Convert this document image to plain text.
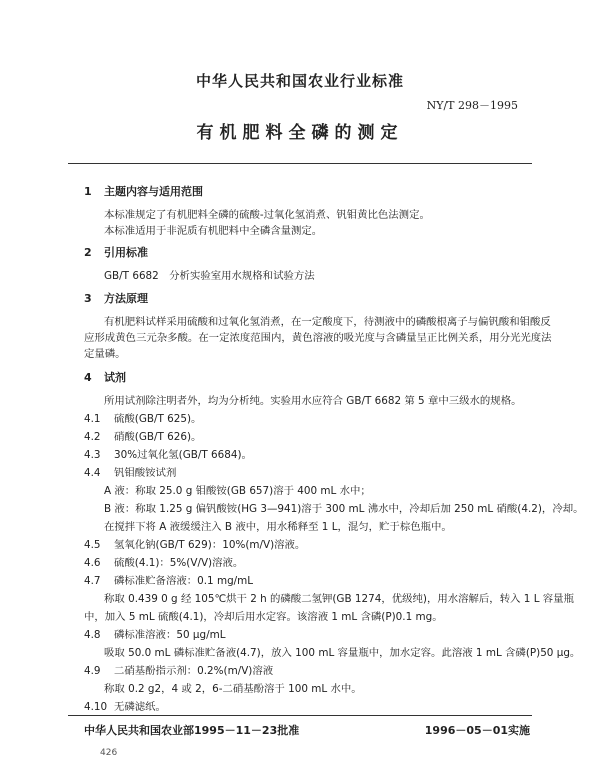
中华人民共和国农业行业标准
NY/T 298－1995
有机肥料全磷的测定
1 主题内容与适用范围
本标准规定了有机肥料全磷的硫酸-过氧化氢消煮、钒钼黄比色法测定。
本标准适用于非泥质有机肥料中全磷含量测定。
2 引用标准
GB/T 6682　分析实验室用水规格和试验方法
3 方法原理
有机肥料试样采用硫酸和过氧化氢消煮，在一定酸度下，待测液中的磷酸根离子与偏钒酸和钼酸反
应形成黄色三元杂多酸。在一定浓度范围内，黄色溶液的吸光度与含磷量呈正比例关系，用分光光度法
定量磷。
4 试剂
所用试剂除注明者外，均为分析纯。实验用水应符合 GB/T 6682 第 5 章中三级水的规格。
4.1 硫酸(GB/T 625)。
4.2 硝酸(GB/T 626)。
4.3 30%过氧化氢(GB/T 6684)。
4.4 钒钼酸铵试剂
A 液：称取 25.0 g 钼酸铵(GB 657)溶于 400 mL 水中；
B 液：称取 1.25 g 偏钒酸铵(HG 3—941)溶于 300 mL 沸水中，冷却后加 250 mL 硝酸(4.2)，冷却。
在搅拌下将 A 液缓缓注入 B 液中，用水稀释至 1 L，混匀，贮于棕色瓶中。
4.5 氢氧化钠(GB/T 629)：10%(m/V)溶液。
4.6 硫酸(4.1)：5%(V/V)溶液。
4.7 磷标准贮备溶液：0.1 mg/mL
称取 0.439 0 g 经 105℃烘干 2 h 的磷酸二氢钾(GB 1274，优级纯)，用水溶解后，转入 1 L 容量瓶
中，加入 5 mL 硫酸(4.1)，冷却后用水定容。该溶液 1 mL 含磷(P)0.1 mg。
4.8 磷标准溶液：50 μg/mL
吸取 50.0 mL 磷标准贮备液(4.7)，放入 100 mL 容量瓶中，加水定容。此溶液 1 mL 含磷(P)50 μg。
4.9 二硝基酚指示剂：0.2%(m/V)溶液
称取 0.2 g2，4 或 2，6-二硝基酚溶于 100 mL 水中。
4.10 无磷滤纸。
中华人民共和国农业部1995－11－23批准	1996－05－01实施
426
